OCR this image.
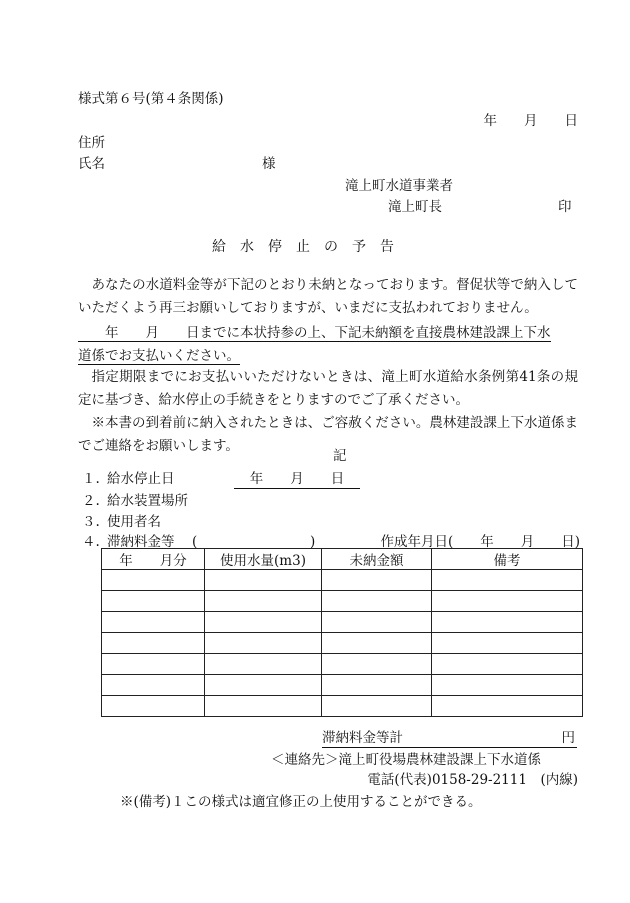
様式第６号(第４条関係)
年　　月　　日
住所
氏名	様
滝上町水道事業者
滝上町長	印
給　水　停　止　の　予　告
あなたの水道料金等が下記のとおり未納となっております。督促状等で納入していただくよう再三お願いしておりますが、いまだに支払われておりません。
　　年　　月　　日までに本状持参の上、下記未納額を直接農林建設課上下水
道係でお支払いください。
指定期限までにお支払いいただけないときは、滝上町水道給水条例第41条の規定に基づき、給水停止の手続きをとりますのでご了承ください。
※本書の到着前に納入されたときは、ご容赦ください。農林建設課上下水道係までご連絡をお願いします。
記
１. 給水停止日	年　　月　　日
２. 給水装置場所
３. 使用者名
４. 滞納料金等 (	)	作成年月日(　　年　　月　　日)
年　　月分	使用水量(m3)	未納金額	備考

滞納料金等計	円
＜連絡先＞滝上町役場農林建設課上下水道係
電話(代表)0158-29-2111　(内線)
※(備考)１この様式は適宜修正の上使用することができる。
